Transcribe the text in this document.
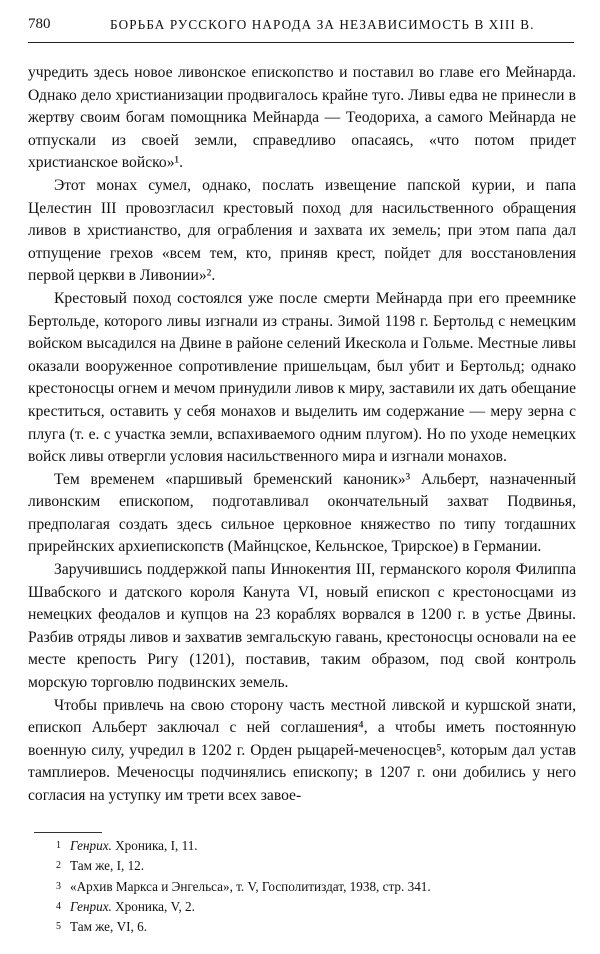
780	БОРЬБА РУССКОГО НАРОДА ЗА НЕЗАВИСИМОСТЬ В XIII В.

учредить здесь новое ливонское епископство и поставил во главе его Мейнарда. Однако дело христианизации продвигалось крайне туго. Ливы едва не принесли в жертву своим богам помощника Мейнарда — Теодориха, а самого Мейнарда не отпускали из своей земли, справедливо опасаясь, «что потом придет христианское войско»¹.

Этот монах сумел, однако, послать извещение папской курии, и папа Целестин III провозгласил крестовый поход для насильственного обращения ливов в христианство, для ограбления и захвата их земель; при этом папа дал отпущение грехов «всем тем, кто, приняв крест, пойдет для восстановления первой церкви в Ливонии»².

Крестовый поход состоялся уже после смерти Мейнарда при его преемнике Бертольде, которого ливы изгнали из страны. Зимой 1198 г. Бертольд с немецким войском высадился на Двине в районе селений Икескола и Гольме. Местные ливы оказали вооруженное сопротивление пришельцам, был убит и Бертольд; однако крестоносцы огнем и мечом принудили ливов к миру, заставили их дать обещание креститься, оставить у себя монахов и выделить им содержание — меру зерна с плуга (т. е. с участка земли, вспахиваемого одним плугом). Но по уходе немецких войск ливы отвергли условия насильственного мира и изгнали монахов.

Тем временем «паршивый бременский каноник»³ Альберт, назначенный ливонским епископом, подготавливал окончательный захват Подвинья, предполагая создать здесь сильное церковное княжество по типу тогдашних прирейнских архиепископств (Майнцское, Кельнское, Трирское) в Германии.

Заручившись поддержкой папы Иннокентия III, германского короля Филиппа Швабского и датского короля Канута VI, новый епископ с крестоносцами из немецких феодалов и купцов на 23 кораблях ворвался в 1200 г. в устье Двины. Разбив отряды ливов и захватив земгальскую гавань, крестоносцы основали на ее месте крепость Ригу (1201), поставив, таким образом, под свой контроль морскую торговлю подвинских земель.

Чтобы привлечь на свою сторону часть местной ливской и куршской знати, епископ Альберт заключал с ней соглашения⁴, а чтобы иметь постоянную военную силу, учредил в 1202 г. Орден рыцарей-меченосцев⁵, которым дал устав тамплиеров. Меченосцы подчинялись епископу; в 1207 г. они добились у него согласия на уступку им трети всех завое-

1 Генрих. Хроника, I, 11.
2 Там же, I, 12.
3 «Архив Маркса и Энгельса», т. V, Госполитиздат, 1938, стр. 341.
4 Генрих. Хроника, V, 2.
5 Там же, VI, 6.
